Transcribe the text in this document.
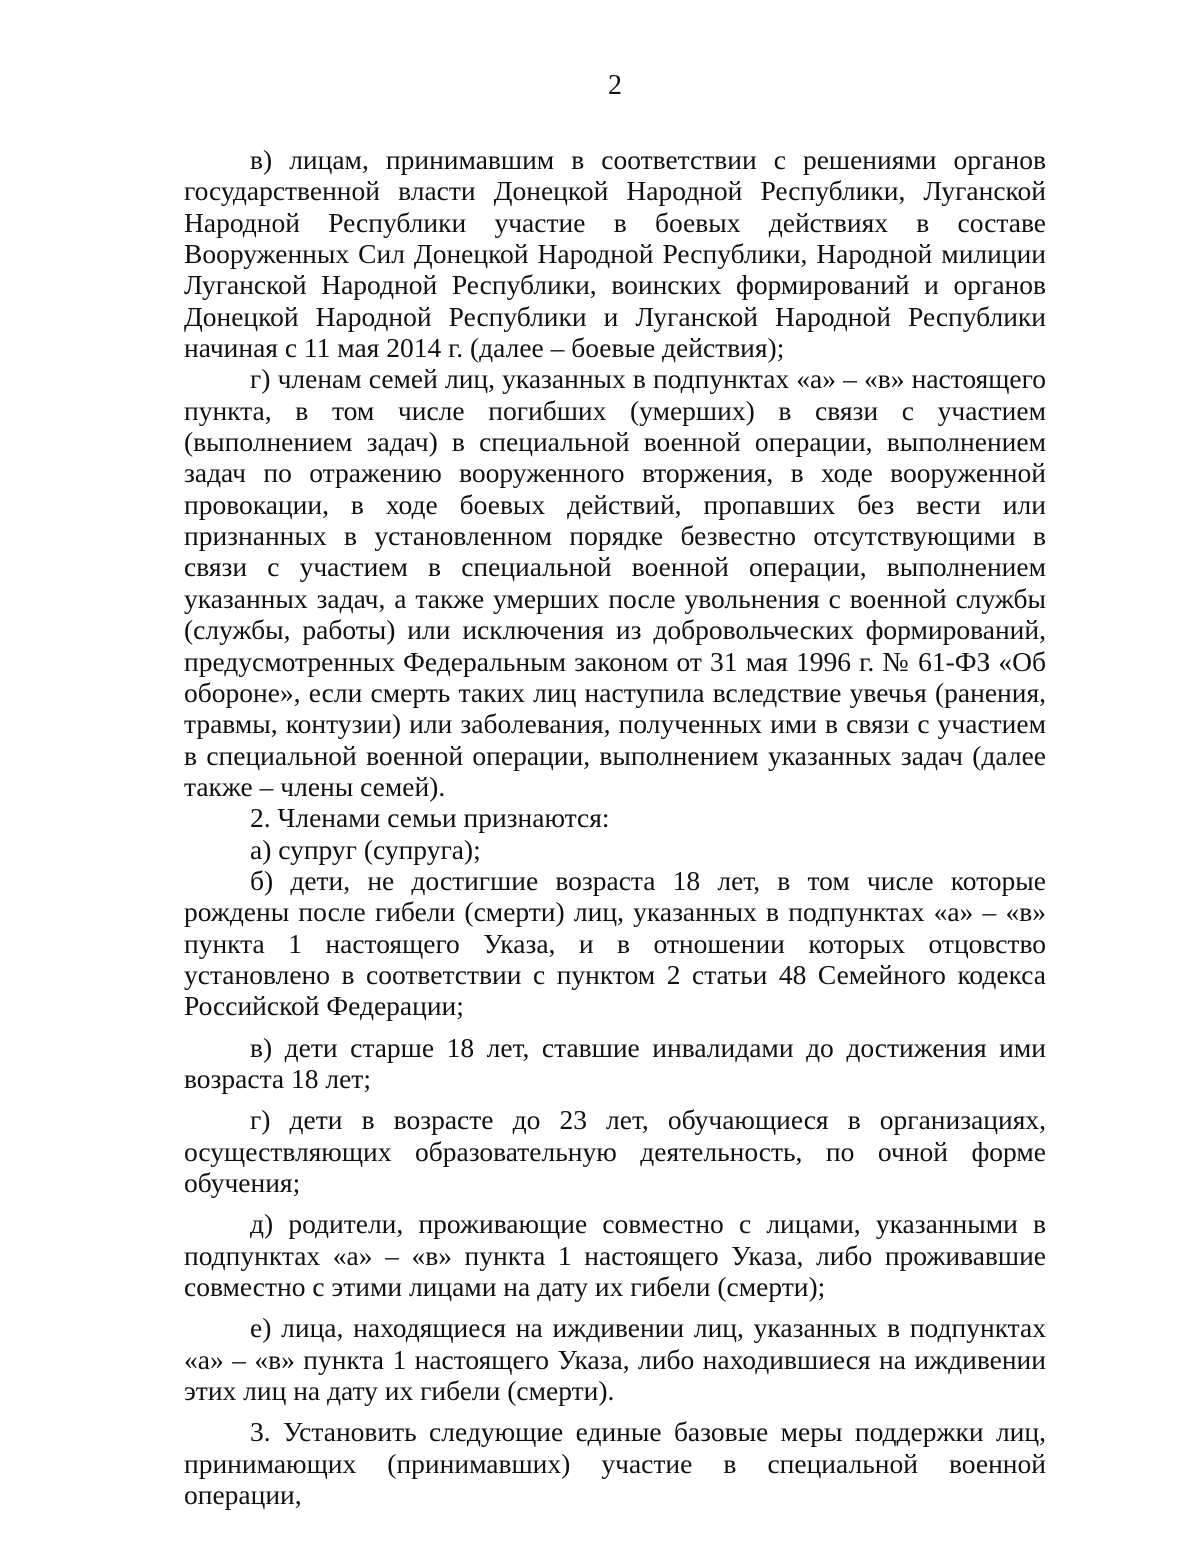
2

в) лицам, принимавшим в соответствии с решениями органов государственной власти Донецкой Народной Республики, Луганской Народной Республики участие в боевых действиях в составе Вооруженных Сил Донецкой Народной Республики, Народной милиции Луганской Народной Республики, воинских формирований и органов Донецкой Народной Республики и Луганской Народной Республики начиная с 11 мая 2014 г. (далее – боевые действия);

г) членам семей лиц, указанных в подпунктах «а» – «в» настоящего пункта, в том числе погибших (умерших) в связи с участием (выполнением задач) в специальной военной операции, выполнением задач по отражению вооруженного вторжения, в ходе вооруженной провокации, в ходе боевых действий, пропавших без вести или признанных в установленном порядке безвестно отсутствующими в связи с участием в специальной военной операции, выполнением указанных задач, а также умерших после увольнения с военной службы (службы, работы) или исключения из добровольческих формирований, предусмотренных Федеральным законом от 31 мая 1996 г. № 61-ФЗ «Об обороне», если смерть таких лиц наступила вследствие увечья (ранения, травмы, контузии) или заболевания, полученных ими в связи с участием в специальной военной операции, выполнением указанных задач (далее также – члены семей).

2. Членами семьи признаются:

а) супруг (супруга);

б) дети, не достигшие возраста 18 лет, в том числе которые рождены после гибели (смерти) лиц, указанных в подпунктах «а» – «в» пункта 1 настоящего Указа, и в отношении которых отцовство установлено в соответствии с пунктом 2 статьи 48 Семейного кодекса Российской Федерации;

в) дети старше 18 лет, ставшие инвалидами до достижения ими возраста 18 лет;

г) дети в возрасте до 23 лет, обучающиеся в организациях, осуществляющих образовательную деятельность, по очной форме обучения;

д) родители, проживающие совместно с лицами, указанными в подпунктах «а» – «в» пункта 1 настоящего Указа, либо проживавшие совместно с этими лицами на дату их гибели (смерти);

е) лица, находящиеся на иждивении лиц, указанных в подпунктах «а» – «в» пункта 1 настоящего Указа, либо находившиеся на иждивении этих лиц на дату их гибели (смерти).

3. Установить следующие единые базовые меры поддержки лиц, принимающих (принимавших) участие в специальной военной операции,
